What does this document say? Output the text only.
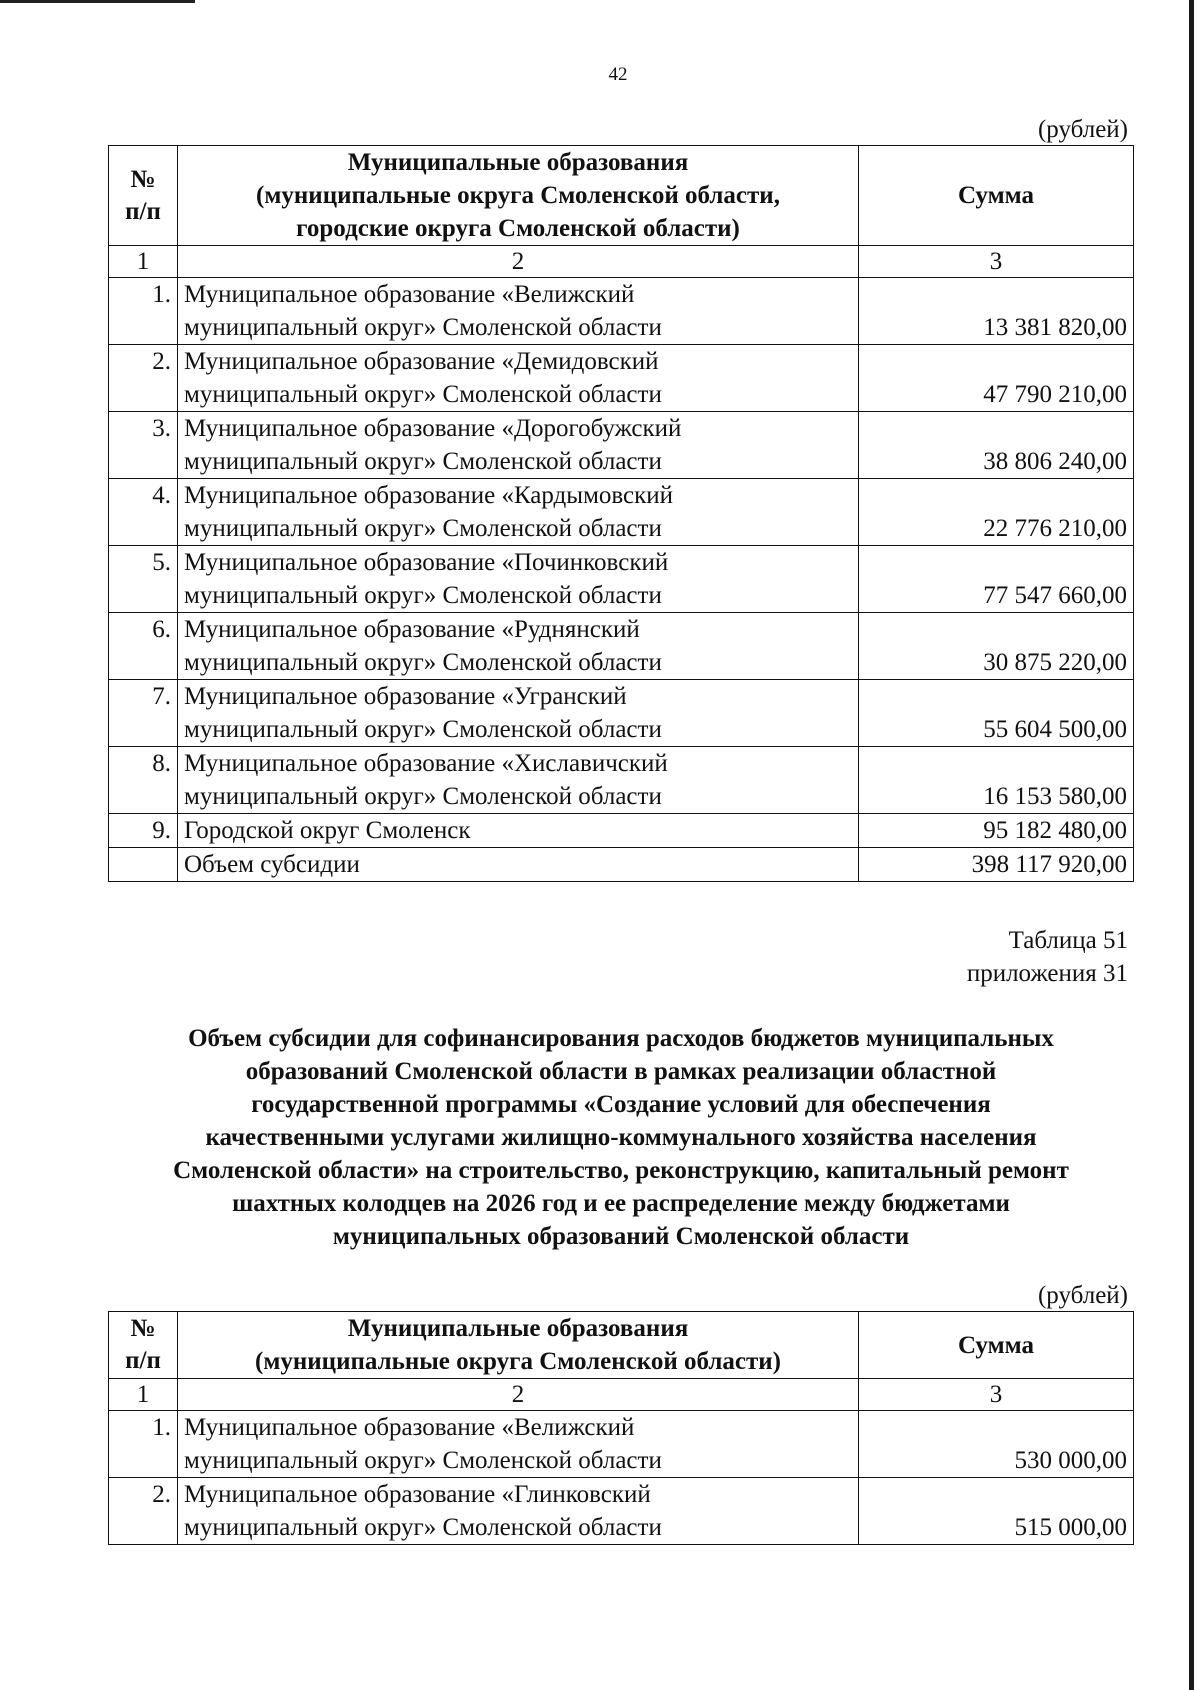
42
(рублей)
№
п/п	Муниципальные образования
(муниципальные округа Смоленской области,
городские округа Смоленской области)	Сумма
1	2	3
1.	Муниципальное образование «Велижский
муниципальный округ» Смоленской области	13 381 820,00
2.	Муниципальное образование «Демидовский
муниципальный округ» Смоленской области	47 790 210,00
3.	Муниципальное образование «Дорогобужский
муниципальный округ» Смоленской области	38 806 240,00
4.	Муниципальное образование «Кардымовский
муниципальный округ» Смоленской области	22 776 210,00
5.	Муниципальное образование «Починковский
муниципальный округ» Смоленской области	77 547 660,00
6.	Муниципальное образование «Руднянский
муниципальный округ» Смоленской области	30 875 220,00
7.	Муниципальное образование «Угранский
муниципальный округ» Смоленской области	55 604 500,00
8.	Муниципальное образование «Хиславичский
муниципальный округ» Смоленской области	16 153 580,00
9.	Городской округ Смоленск	95 182 480,00
	Объем субсидии	398 117 920,00
Таблица 51
приложения 31
Объем субсидии для софинансирования расходов бюджетов муниципальных
образований Смоленской области в рамках реализации областной
государственной программы «Создание условий для обеспечения
качественными услугами жилищно-коммунального хозяйства населения
Смоленской области» на строительство, реконструкцию, капитальный ремонт
шахтных колодцев на 2026 год и ее распределение между бюджетами
муниципальных образований Смоленской области
(рублей)
№
п/п	Муниципальные образования
(муниципальные округа Смоленской области)	Сумма
1	2	3
1.	Муниципальное образование «Велижский
муниципальный округ» Смоленской области	530 000,00
2.	Муниципальное образование «Глинковский
муниципальный округ» Смоленской области	515 000,00
